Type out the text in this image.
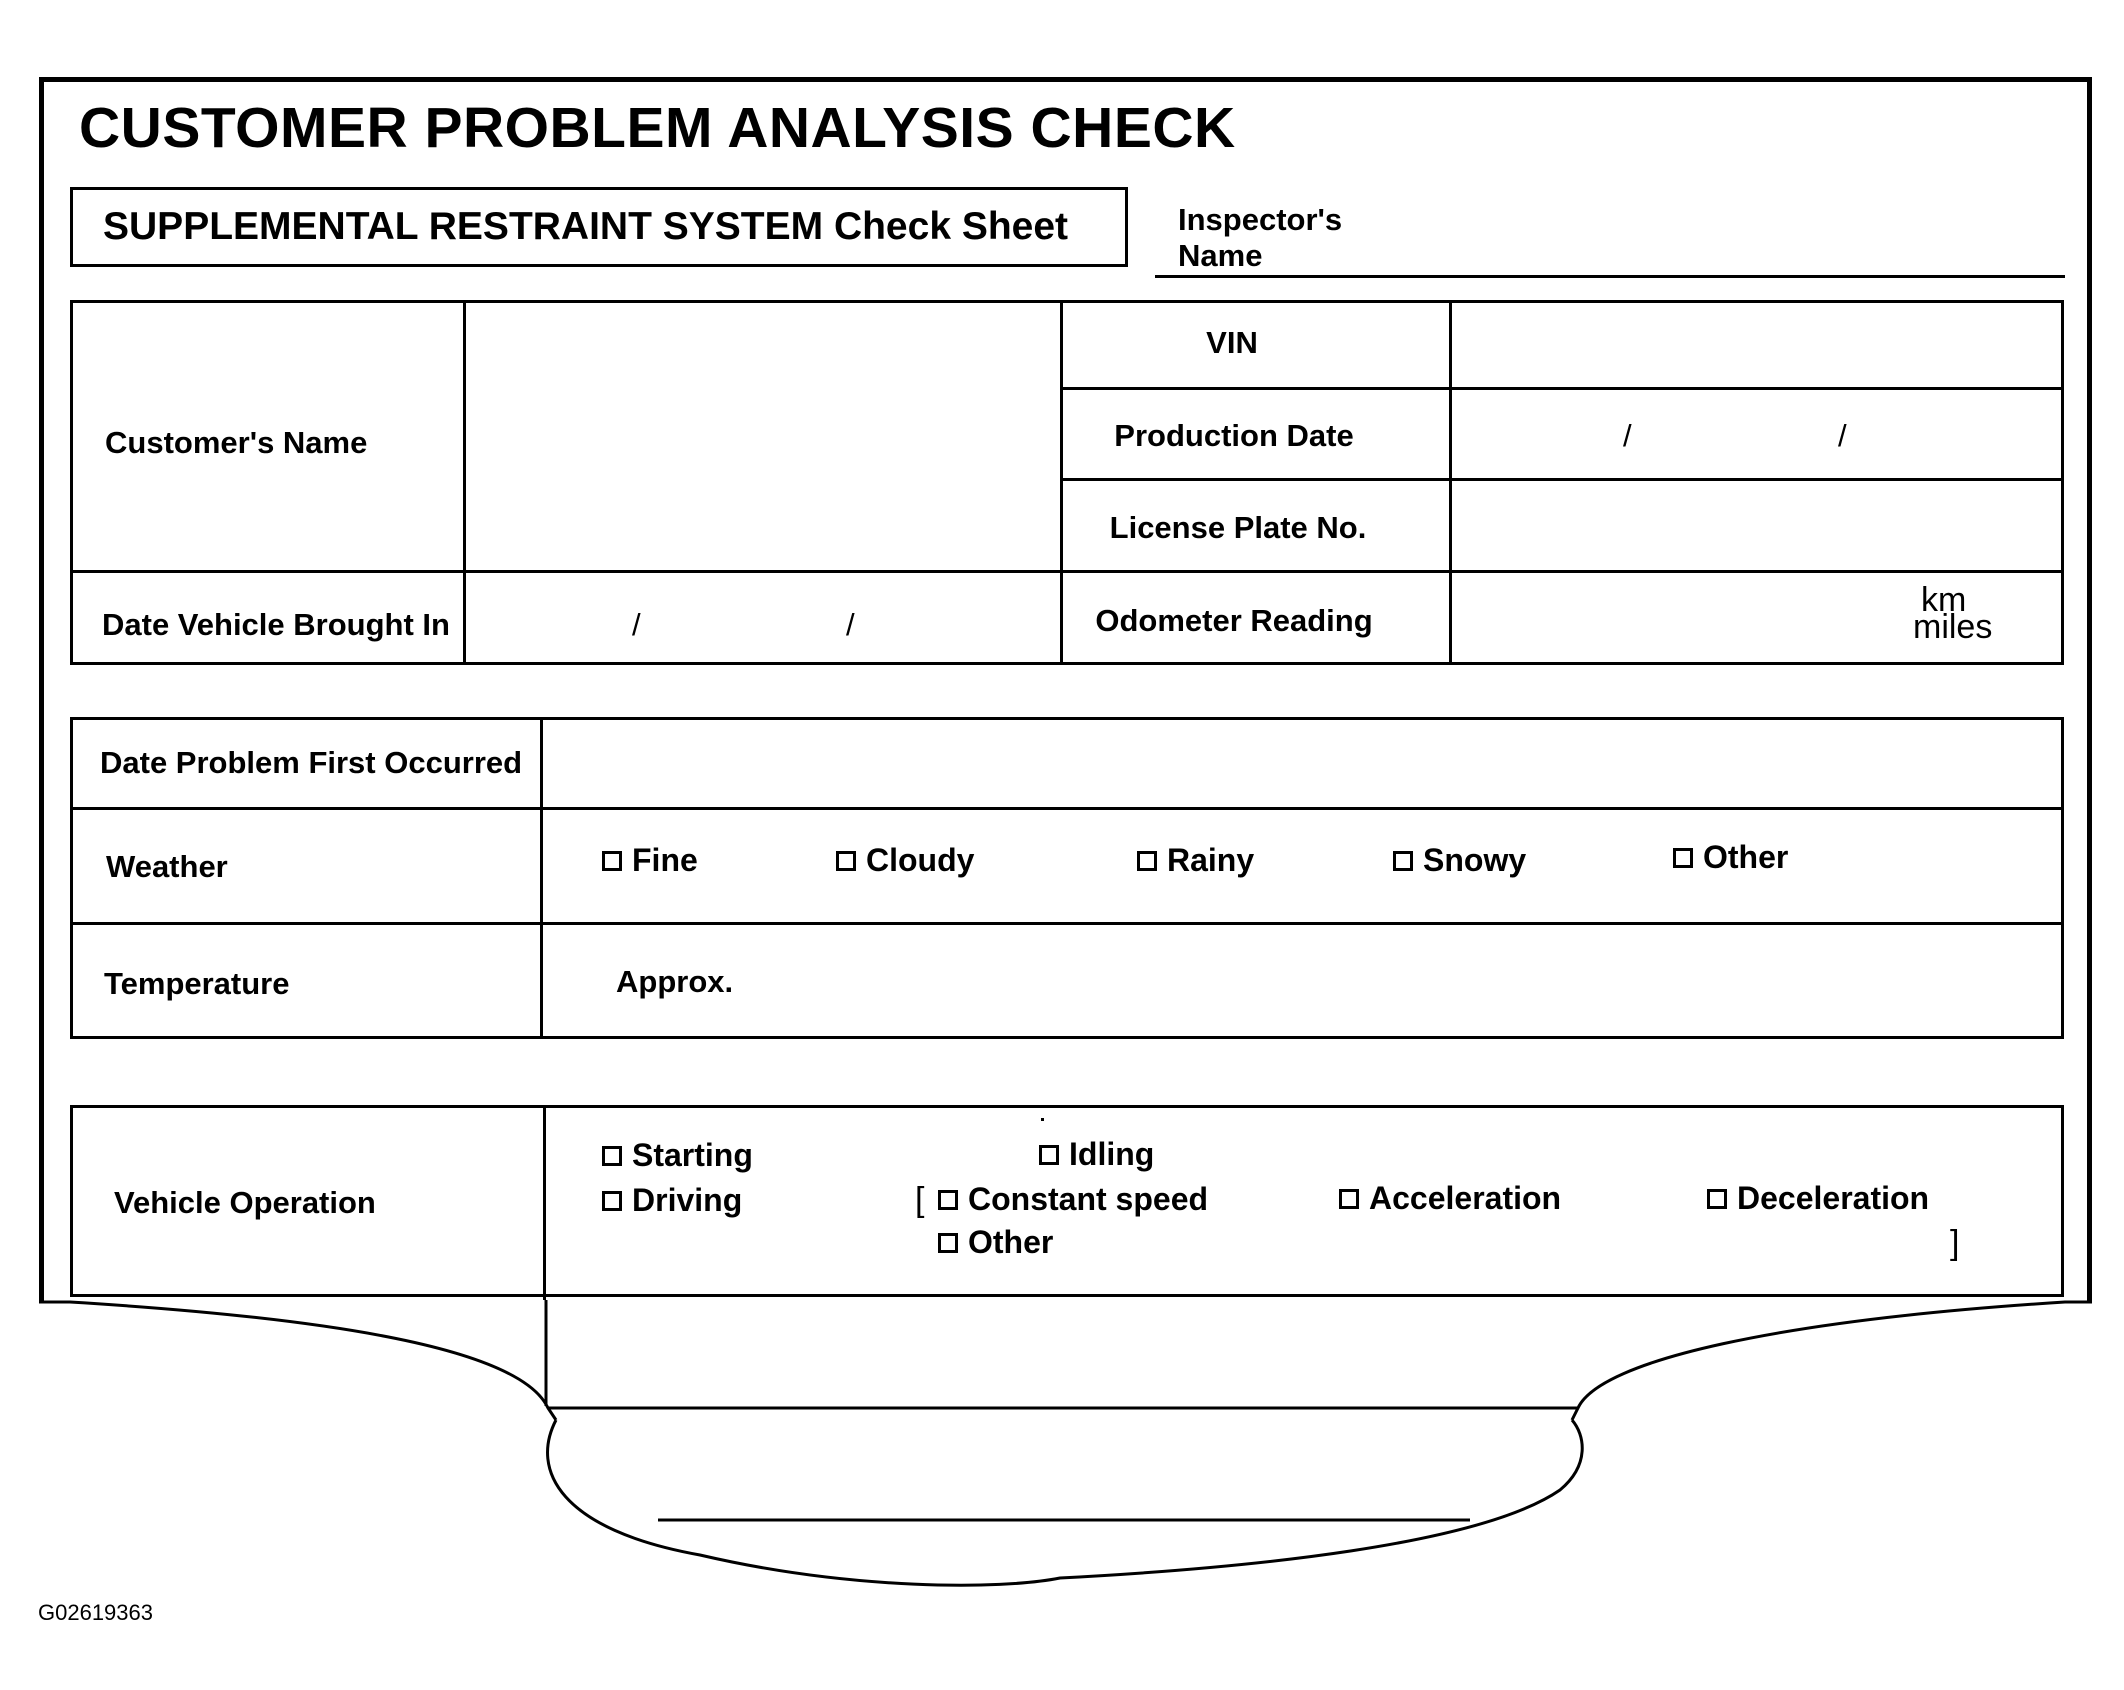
CUSTOMER PROBLEM ANALYSIS CHECK
SUPPLEMENTAL RESTRAINT SYSTEM Check Sheet	Inspector's
Name
Customer's Name
VIN
Production Date	/	/
License Plate No.
Date Vehicle Brought In	/	/	Odometer Reading
km
miles
Date Problem First Occurred
Weather	Fine	Cloudy	Rainy	Snowy	Other
Temperature	Approx.
Vehicle Operation
Starting	Idling
Driving	[ Constant speed	Acceleration	Deceleration
Other	]
G02619363
